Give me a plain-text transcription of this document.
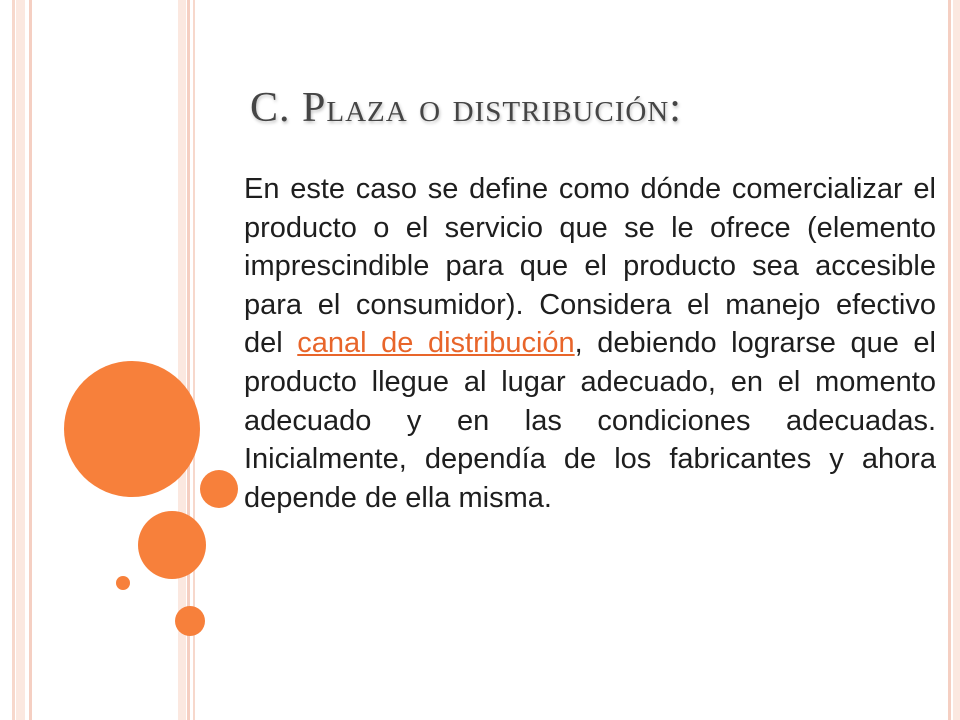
C. Plaza o distribución:

En este caso se define como dónde comercializar el producto o el servicio que se le ofrece (elemento imprescindible para que el producto sea accesible para el consumidor). Considera el manejo efectivo del canal de distribución, debiendo lograrse que el producto llegue al lugar adecuado, en el momento adecuado y en las condiciones adecuadas. Inicialmente, dependía de los fabricantes y ahora depende de ella misma.
